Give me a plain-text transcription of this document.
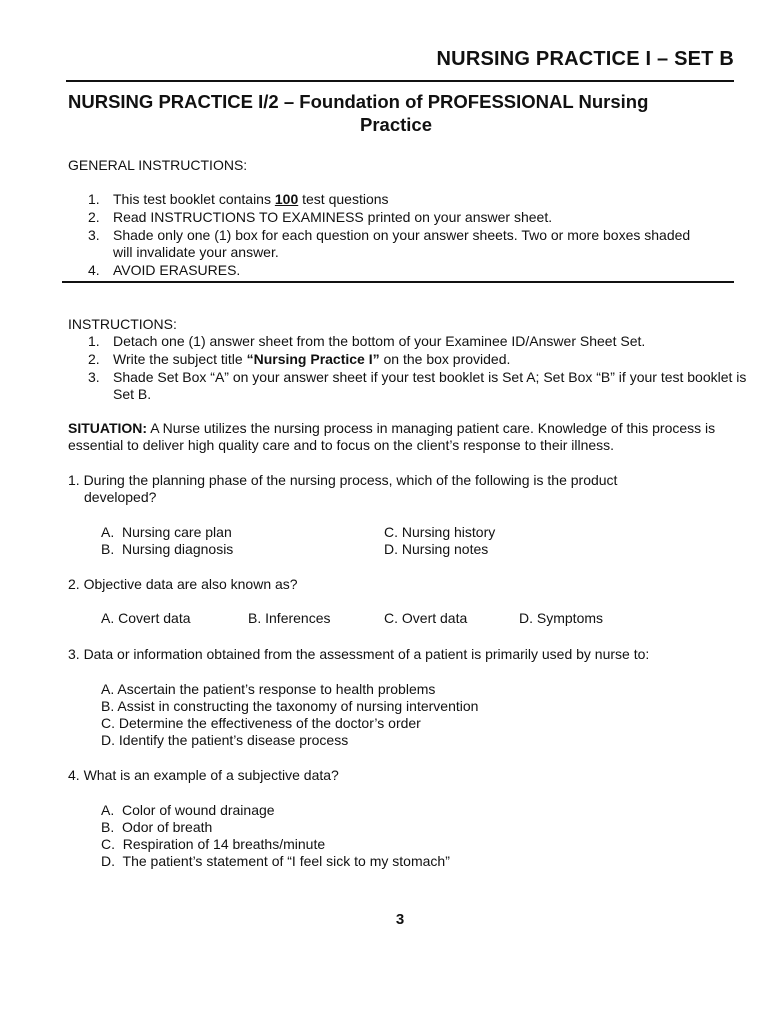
NURSING PRACTICE I – SET B
NURSING PRACTICE I/2 – Foundation of PROFESSIONAL Nursing
Practice
GENERAL INSTRUCTIONS:
1. This test booklet contains 100 test questions
2. Read INSTRUCTIONS TO EXAMINESS printed on your answer sheet.
3. Shade only one (1) box for each question on your answer sheets. Two or more boxes shaded will invalidate your answer.
4. AVOID ERASURES.
INSTRUCTIONS:
1. Detach one (1) answer sheet from the bottom of your Examinee ID/Answer Sheet Set.
2. Write the subject title “Nursing Practice I” on the box provided.
3. Shade Set Box “A” on your answer sheet if your test booklet is Set A; Set Box “B” if your test booklet is Set B.
SITUATION: A Nurse utilizes the nursing process in managing patient care. Knowledge of this process is essential to deliver high quality care and to focus on the client’s response to their illness.
1. During the planning phase of the nursing process, which of the following is the product
developed?
A. Nursing care plan	C. Nursing history
B. Nursing diagnosis	D. Nursing notes
2. Objective data are also known as?
A. Covert data	B. Inferences	C. Overt data	D. Symptoms
3. Data or information obtained from the assessment of a patient is primarily used by nurse to:
A. Ascertain the patient’s response to health problems
B. Assist in constructing the taxonomy of nursing intervention
C. Determine the effectiveness of the doctor’s order
D. Identify the patient’s disease process
4. What is an example of a subjective data?
A. Color of wound drainage
B. Odor of breath
C. Respiration of 14 breaths/minute
D. The patient’s statement of “I feel sick to my stomach”
3
